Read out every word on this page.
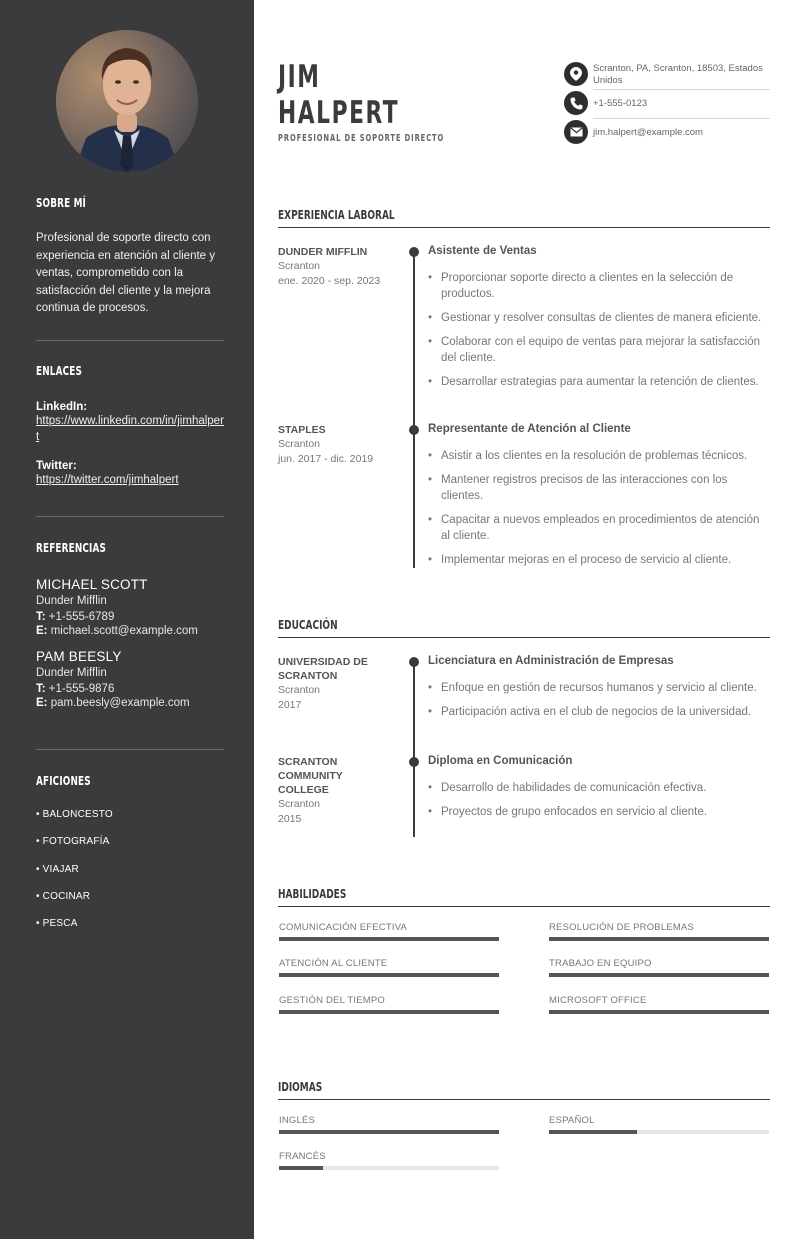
SOBRE MÍ

Profesional de soporte directo con experiencia en atención al cliente y ventas, comprometido con la satisfacción del cliente y la mejora continua de procesos.

ENLACES
LinkedIn:
https://www.linkedin.com/in/jimhalpert
Twitter:
https://twitter.com/jimhalpert
REFERENCIAS
MICHAEL SCOTT
Dunder Mifflin
T: +1-555-6789
E: michael.scott@example.com
PAM BEESLY
Dunder Mifflin
T: +1-555-9876
E: pam.beesly@example.com
AFICIONES
• BALONCESTO
• FOTOGRAFÍA
• VIAJAR
• COCINAR
• PESCA
JIM
HALPERT
PROFESIONAL DE SOPORTE DIRECTO
Scranton, PA, Scranton, 18503, Estados Unidos
+1-555-0123
jim.halpert@example.com
EXPERIENCIA LABORAL
DUNDER MIFFLIN
Scranton
ene. 2020 - sep. 2023
Asistente de Ventas
• Proporcionar soporte directo a clientes en la selección de productos.
• Gestionar y resolver consultas de clientes de manera eficiente.
• Colaborar con el equipo de ventas para mejorar la satisfacción del cliente.
• Desarrollar estrategias para aumentar la retención de clientes.
STAPLES
Scranton
jun. 2017 - dic. 2019
Representante de Atención al Cliente
• Asistir a los clientes en la resolución de problemas técnicos.
• Mantener registros precisos de las interacciones con los clientes.
• Capacitar a nuevos empleados en procedimientos de atención al cliente.
• Implementar mejoras en el proceso de servicio al cliente.
EDUCACIÓN
UNIVERSIDAD DE SCRANTON
Scranton
2017
Licenciatura en Administración de Empresas
• Enfoque en gestión de recursos humanos y servicio al cliente.
• Participación activa en el club de negocios de la universidad.
SCRANTON COMMUNITY COLLEGE
Scranton
2015
Diploma en Comunicación
• Desarrollo de habilidades de comunicación efectiva.
• Proyectos de grupo enfocados en servicio al cliente.
HABILIDADES
COMUNICACIÓN EFECTIVA	RESOLUCIÓN DE PROBLEMAS
ATENCIÓN AL CLIENTE	TRABAJO EN EQUIPO
GESTIÓN DEL TIEMPO	MICROSOFT OFFICE
IDIOMAS
INGLÉS	ESPAÑOL
FRANCÉS
